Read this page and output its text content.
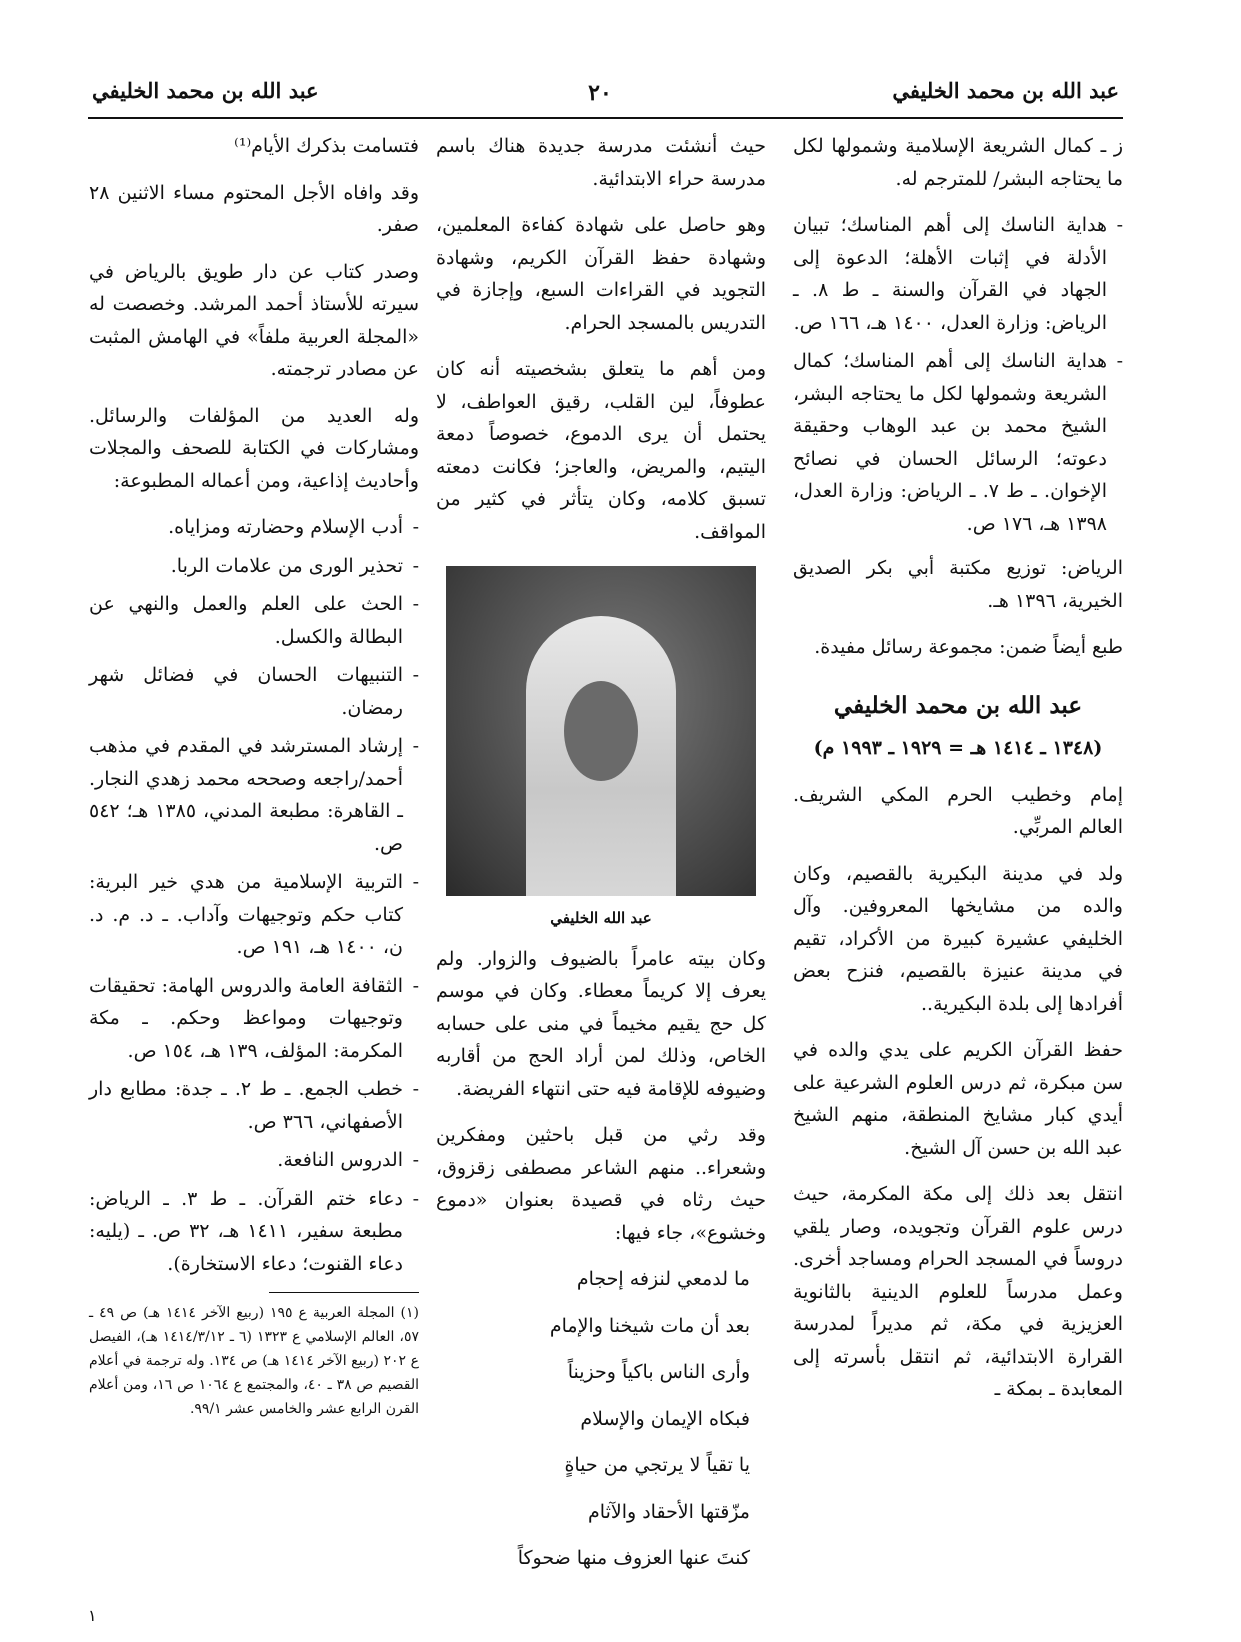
عبد الله بن محمد الخليفي
٢٠
عبد الله بن محمد الخليفي

ز ـ كمال الشريعة الإسلامية وشمولها لكل ما يحتاجه البشر/ للمترجم له.

- هداية الناسك إلى أهم المناسك؛ تبيان الأدلة في إثبات الأهلة؛ الدعوة إلى الجهاد في القرآن والسنة ـ ط ٨. ـ الرياض: وزارة العدل، ١٤٠٠ هـ، ١٦٦ ص.
- هداية الناسك إلى أهم المناسك؛ كمال الشريعة وشمولها لكل ما يحتاجه البشر، الشيخ محمد بن عبد الوهاب وحقيقة دعوته؛ الرسائل الحسان في نصائح الإخوان. ـ ط ٧. ـ الرياض: وزارة العدل، ١٣٩٨ هـ، ١٧٦ ص.

الرياض: توزيع مكتبة أبي بكر الصديق الخيرية، ١٣٩٦ هـ.

طبع أيضاً ضمن: مجموعة رسائل مفيدة.

عبد الله بن محمد الخليفي
(١٣٤٨ ـ ١٤١٤ هـ = ١٩٢٩ ـ ١٩٩٣ م)

إمام وخطيب الحرم المكي الشريف. العالم المربِّي.

ولد في مدينة البكيرية بالقصيم، وكان والده من مشايخها المعروفين. وآل الخليفي عشيرة كبيرة من الأكراد، تقيم في مدينة عنيزة بالقصيم، فنزح بعض أفرادها إلى بلدة البكيرية..

حفظ القرآن الكريم على يدي والده في سن مبكرة، ثم درس العلوم الشرعية على أيدي كبار مشايخ المنطقة، منهم الشيخ عبد الله بن حسن آل الشيخ.

انتقل بعد ذلك إلى مكة المكرمة، حيث درس علوم القرآن وتجويده، وصار يلقي دروساً في المسجد الحرام ومساجد أخرى. وعمل مدرساً للعلوم الدينية بالثانوية العزيزية في مكة، ثم مديراً لمدرسة القرارة الابتدائية، ثم انتقل بأسرته إلى المعابدة ـ بمكة ـ

حيث أنشئت مدرسة جديدة هناك باسم مدرسة حراء الابتدائية.

وهو حاصل على شهادة كفاءة المعلمين، وشهادة حفظ القرآن الكريم، وشهادة التجويد في القراءات السبع، وإجازة في التدريس بالمسجد الحرام.

ومن أهم ما يتعلق بشخصيته أنه كان عطوفاً، لين القلب، رقيق العواطف، لا يحتمل أن يرى الدموع، خصوصاً دمعة اليتيم، والمريض، والعاجز؛ فكانت دمعته تسبق كلامه، وكان يتأثر في كثير من المواقف.

عبد الله الخليفي

وكان بيته عامراً بالضيوف والزوار. ولم يعرف إلا كريماً معطاء. وكان في موسم كل حج يقيم مخيماً في منى على حسابه الخاص، وذلك لمن أراد الحج من أقاربه وضيوفه للإقامة فيه حتى انتهاء الفريضة.

وقد رثي من قبل باحثين ومفكرين وشعراء.. منهم الشاعر مصطفى زقزوق، حيث رثاه في قصيدة بعنوان «دموع وخشوع»، جاء فيها:

ما لدمعي لنزفه إحجام
بعد أن مات شيخنا والإمام
وأرى الناس باكياً وحزيناً
فبكاه الإيمان والإسلام
يا تقياً لا يرتجي من حياةٍ
مزّقتها الأحقاد والآثام
كنتَ عنها العزوف منها ضحوكاً

فتسامت بذكرك الأيام⁽¹⁾

وقد وافاه الأجل المحتوم مساء الاثنين ٢٨ صفر.

وصدر كتاب عن دار طويق بالرياض في سيرته للأستاذ أحمد المرشد. وخصصت له «المجلة العربية ملفاً» في الهامش المثبت عن مصادر ترجمته.

وله العديد من المؤلفات والرسائل. ومشاركات في الكتابة للصحف والمجلات وأحاديث إذاعية، ومن أعماله المطبوعة:

- أدب الإسلام وحضارته ومزاياه.
- تحذير الورى من علامات الربا.
- الحث على العلم والعمل والنهي عن البطالة والكسل.
- التنبيهات الحسان في فضائل شهر رمضان.
- إرشاد المسترشد في المقدم في مذهب أحمد/راجعه وصححه محمد زهدي النجار. ـ القاهرة: مطبعة المدني، ١٣٨٥ هـ؛ ٥٤٢ ص.
- التربية الإسلامية من هدي خير البرية: كتاب حكم وتوجيهات وآداب. ـ د. م. د. ن، ١٤٠٠ هـ، ١٩١ ص.
- الثقافة العامة والدروس الهامة: تحقيقات وتوجيهات ومواعظ وحكم. ـ مكة المكرمة: المؤلف، ١٣٩ هـ، ١٥٤ ص.
- خطب الجمع. ـ ط ٢. ـ جدة: مطابع دار الأصفهاني، ٣٦٦ ص.
- الدروس النافعة.
- دعاء ختم القرآن. ـ ط ٣. ـ الرياض: مطبعة سفير، ١٤١١ هـ، ٣٢ ص. ـ (يليه: دعاء القنوت؛ دعاء الاستخارة).
(١) المجلة العربية ع ١٩٥ (ربيع الآخر ١٤١٤ هـ) ص ٤٩ ـ ٥٧، العالم الإسلامي ع ١٣٢٣ (٦ ـ ١٤١٤/٣/١٢ هـ)، الفيصل ع ٢٠٢ (ربيع الآخر ١٤١٤ هـ) ص ١٣٤. وله ترجمة في أعلام القصيم ص ٣٨ ـ ٤٠، والمجتمع ع ١٠٦٤ ص ١٦، ومن أعلام القرن الرابع عشر والخامس عشر ٩٩/١.
١
